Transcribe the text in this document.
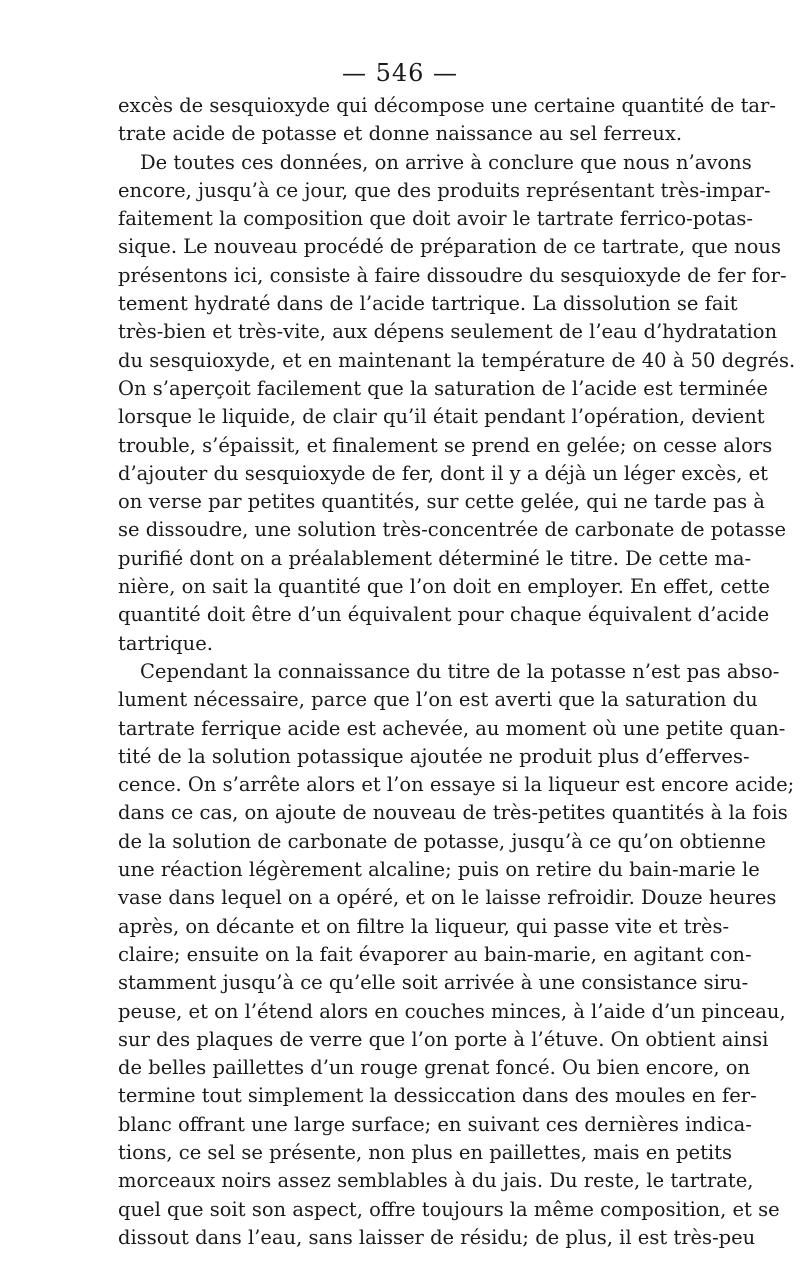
— 546 —
excès de sesquioxyde qui décompose une certaine quantité de tar-
trate acide de potasse et donne naissance au sel ferreux.
De toutes ces données, on arrive à conclure que nous n’avons
encore, jusqu’à ce jour, que des produits représentant très-impar-
faitement la composition que doit avoir le tartrate ferrico-potas-
sique. Le nouveau procédé de préparation de ce tartrate, que nous
présentons ici, consiste à faire dissoudre du sesquioxyde de fer for-
tement hydraté dans de l’acide tartrique. La dissolution se fait
très-bien et très-vite, aux dépens seulement de l’eau d’hydratation
du sesquioxyde, et en maintenant la température de 40 à 50 degrés.
On s’aperçoit facilement que la saturation de l’acide est terminée
lorsque le liquide, de clair qu’il était pendant l’opération, devient
trouble, s’épaissit, et finalement se prend en gelée; on cesse alors
d’ajouter du sesquioxyde de fer, dont il y a déjà un léger excès, et
on verse par petites quantités, sur cette gelée, qui ne tarde pas à
se dissoudre, une solution très-concentrée de carbonate de potasse
purifié dont on a préalablement déterminé le titre. De cette ma-
nière, on sait la quantité que l’on doit en employer. En effet, cette
quantité doit être d’un équivalent pour chaque équivalent d’acide
tartrique.
Cependant la connaissance du titre de la potasse n’est pas abso-
lument nécessaire, parce que l’on est averti que la saturation du
tartrate ferrique acide est achevée, au moment où une petite quan-
tité de la solution potassique ajoutée ne produit plus d’efferves-
cence. On s’arrête alors et l’on essaye si la liqueur est encore acide;
dans ce cas, on ajoute de nouveau de très-petites quantités à la fois
de la solution de carbonate de potasse, jusqu’à ce qu’on obtienne
une réaction légèrement alcaline; puis on retire du bain-marie le
vase dans lequel on a opéré, et on le laisse refroidir. Douze heures
après, on décante et on filtre la liqueur, qui passe vite et très-
claire; ensuite on la fait évaporer au bain-marie, en agitant con-
stamment jusqu’à ce qu’elle soit arrivée à une consistance siru-
peuse, et on l’étend alors en couches minces, à l’aide d’un pinceau,
sur des plaques de verre que l’on porte à l’étuve. On obtient ainsi
de belles paillettes d’un rouge grenat foncé. Ou bien encore, on
termine tout simplement la dessiccation dans des moules en fer-
blanc offrant une large surface; en suivant ces dernières indica-
tions, ce sel se présente, non plus en paillettes, mais en petits
morceaux noirs assez semblables à du jais. Du reste, le tartrate,
quel que soit son aspect, offre toujours la même composition, et se
dissout dans l’eau, sans laisser de résidu; de plus, il est très-peu
